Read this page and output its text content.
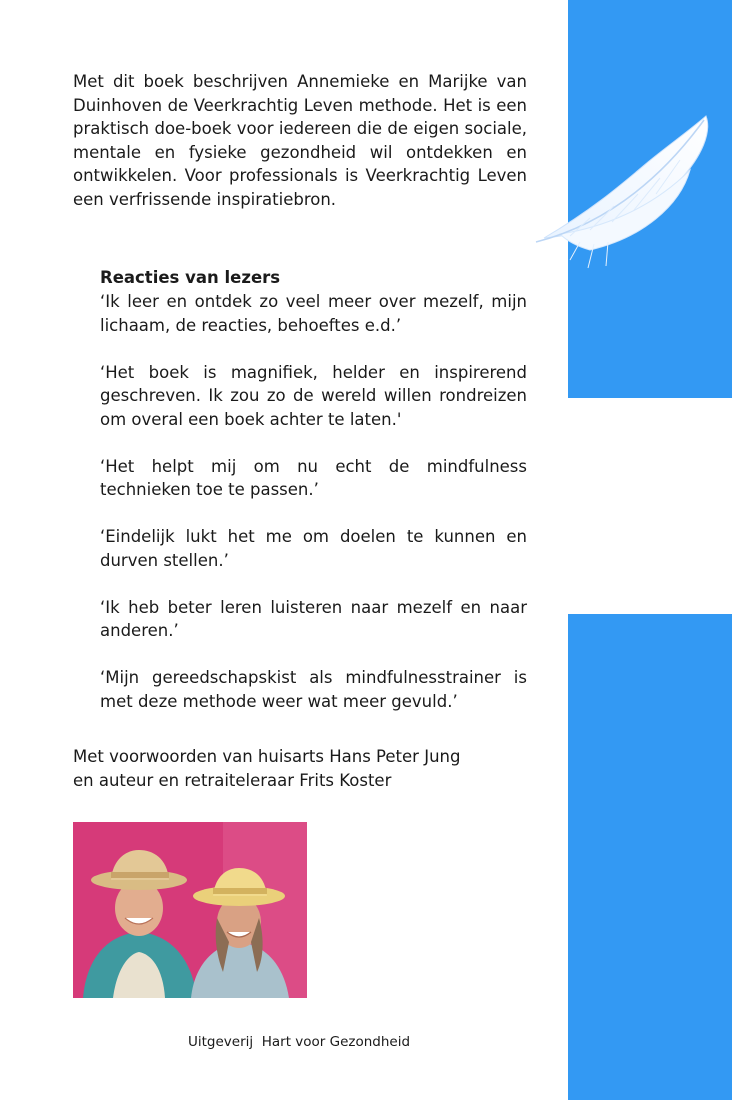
Met dit boek beschrijven Annemieke en Marijke van Duinhoven de Veerkrachtig Leven methode. Het is een praktisch doe-boek voor iedereen die de eigen sociale, mentale en fysieke gezondheid wil ontdekken en ontwikkelen. Voor professionals is Veerkrachtig Leven een verfrissende inspiratiebron.

Reacties van lezers

‘Ik leer en ontdek zo veel meer over mezelf, mijn lichaam, de reacties, behoeftes e.d.’

‘Het boek is magnifiek, helder en inspirerend geschreven. Ik zou zo de wereld willen rondreizen om overal een boek achter te laten.'

‘Het helpt mij om nu echt de mindfulness technieken toe te passen.’

‘Eindelijk lukt het me om doelen te kunnen en durven stellen.’

‘Ik heb beter leren luisteren naar mezelf en naar anderen.’

‘Mijn gereedschapskist als mindfulnesstrainer is met deze methode weer wat meer gevuld.’

Met voorwoorden van huisarts Hans Peter Jung
en auteur en retraiteleraar Frits Koster

Uitgeverij  Hart voor Gezondheid
